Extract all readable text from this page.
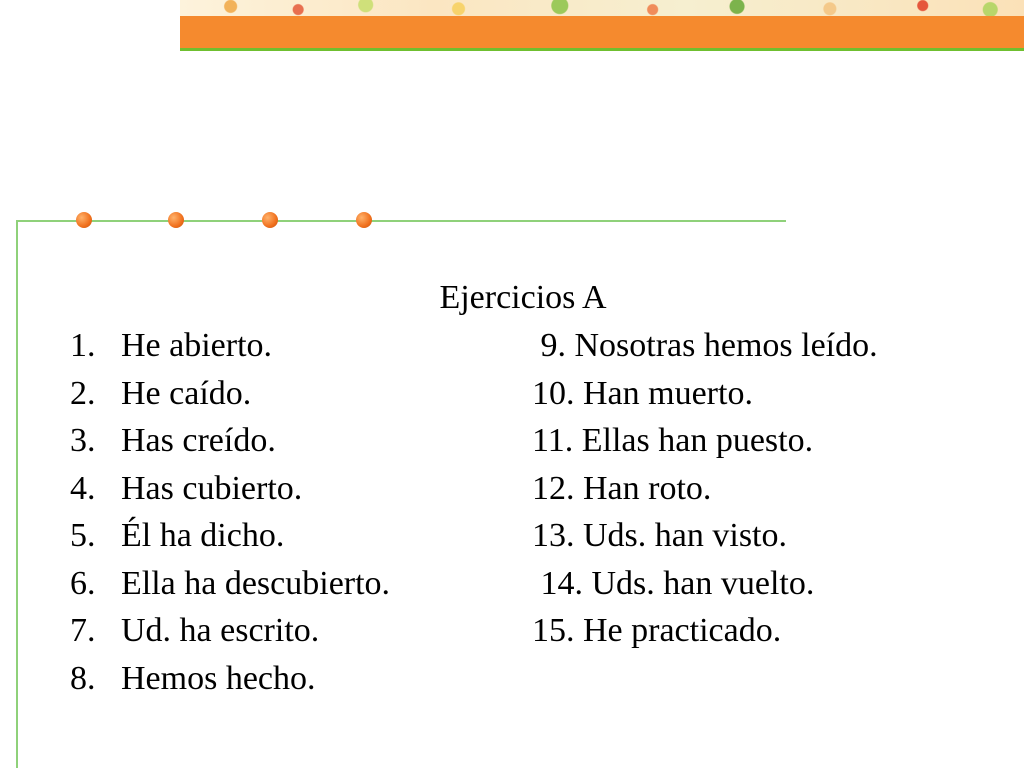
Ejercicios A
1. He abierto.
2. He caído.
3. Has creído.
4. Has cubierto.
5. Él ha dicho.
6. Ella ha descubierto.
7. Ud. ha escrito.
8. Hemos hecho.
9. Nosotras hemos leído.
10. Han muerto.
11. Ellas han puesto.
12. Han roto.
13. Uds. han visto.
14. Uds. han vuelto.
15. He practicado.
